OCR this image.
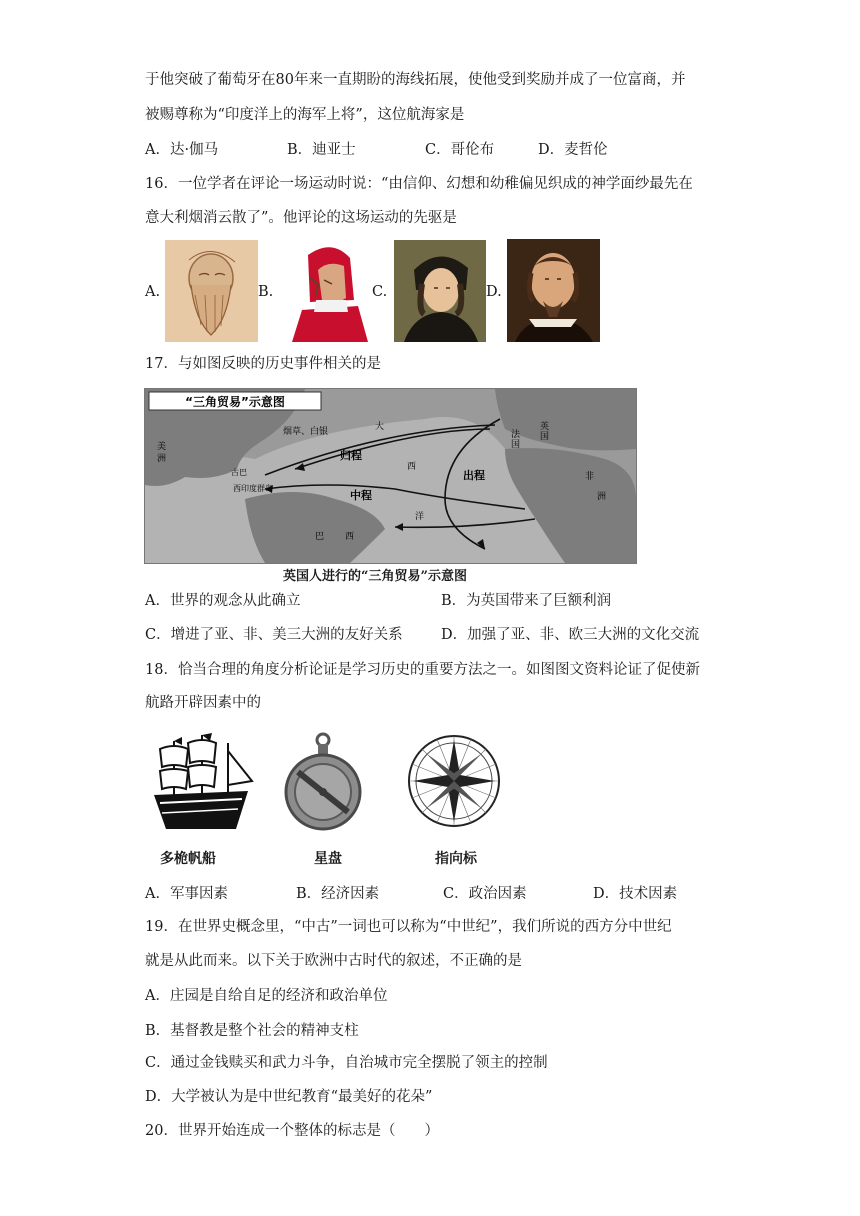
于他突破了葡萄牙在80年来一直期盼的海线拓展，使他受到奖励并成了一位富商，并
被赐尊称为“印度洋上的海军上将”，这位航海家是
A．达·伽马	B．迪亚士	C．哥伦布	D．麦哲伦
16．一位学者在评论一场运动时说：“由信仰、幻想和幼稚偏见织成的神学面纱最先在
意大利烟消云散了”。他评论的这场运动的先驱是
A.	B.	C.	D.
17．与如图反映的历史事件相关的是
“三角贸易”示意图
英
国
法
国
出程
归程
中程
烟草、白银	大
西
洋
古巴
西印度群岛
美
洲
巴 西
非
洲
英国人进行的“三角贸易”示意图
A．世界的观念从此确立	B．为英国带来了巨额利润
C．增进了亚、非、美三大洲的友好关系	D．加强了亚、非、欧三大洲的文化交流
18．恰当合理的角度分析论证是学习历史的重要方法之一。如图图文资料论证了促使新
航路开辟因素中的
多桅帆船	星盘	指向标
A．军事因素	B．经济因素	C．政治因素	D．技术因素
19．在世界史概念里，“中古”一词也可以称为“中世纪”，我们所说的西方分中世纪
就是从此而来。以下关于欧洲中古时代的叙述，不正确的是
A．庄园是自给自足的经济和政治单位
B．基督教是整个社会的精神支柱
C．通过金钱赎买和武力斗争，自治城市完全摆脱了领主的控制
D．大学被认为是中世纪教育“最美好的花朵”
20．世界开始连成一个整体的标志是（　　）
